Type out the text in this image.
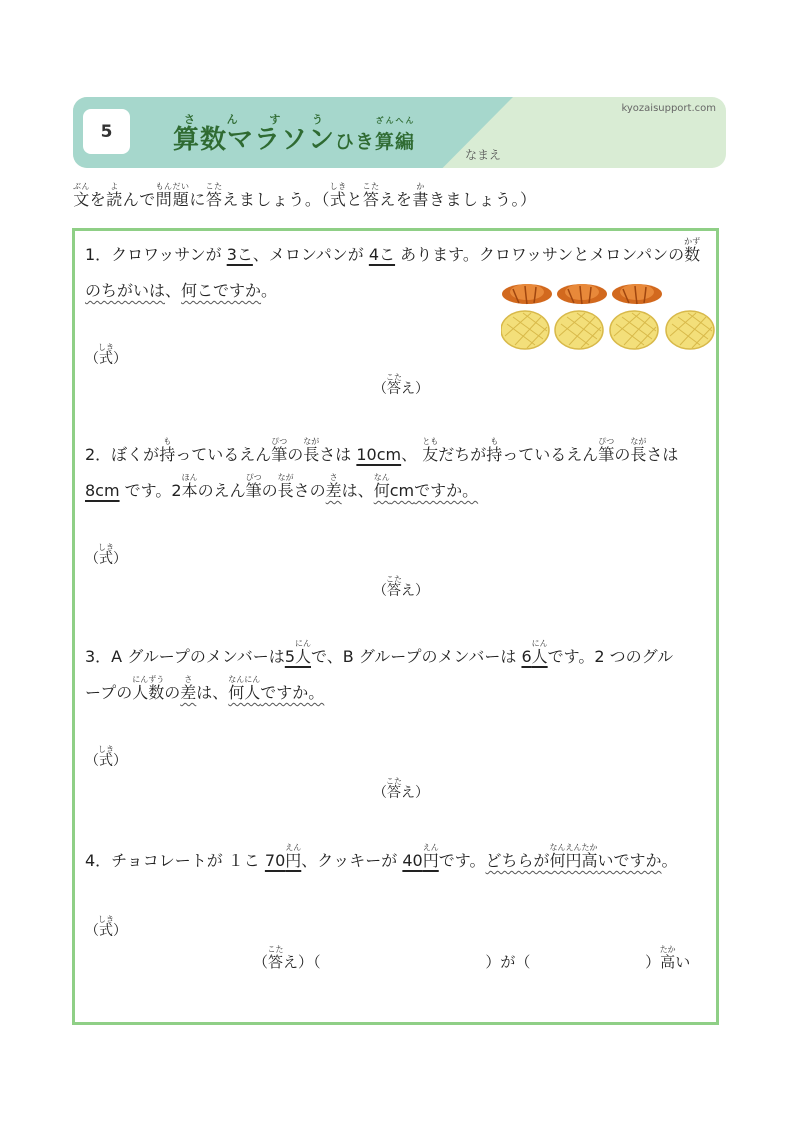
5	算数マラソンさんすうひき算編ざんへん
kyozaisupport.com
なまえ
文ぶんを読よんで問題もんだいに答こたえましょう。（式しきと答こたえを書かきましょう。）
1．クロワッサンが 3こ、メロンパンが 4こ あります。クロワッサンとメロンパンの数かず
のちがいは、何こですか。
（式しき）
（答こたえ）
2．ぼくが持もっているえん筆ぴつの長ながさは 10cm、 友ともだちが持もっているえん筆ぴつの長ながさは
8cm です。2本ほんのえん筆ぴつの長ながさの差さは、何なんcmですか。
（式しき）
（答こたえ）
3．A グループのメンバーは5人にんで、B グループのメンバーは 6人にんです。2 つのグル
ープの人数にんずうの差さは、何人なんにんですか。
（式しき）
（答こたえ）
4．チョコレートが １こ 70円えん、クッキーが 40円えんです。どちらが何円高なんえんたかいですか。
（式しき）
（答こたえ）（	）が（	）高たかい
